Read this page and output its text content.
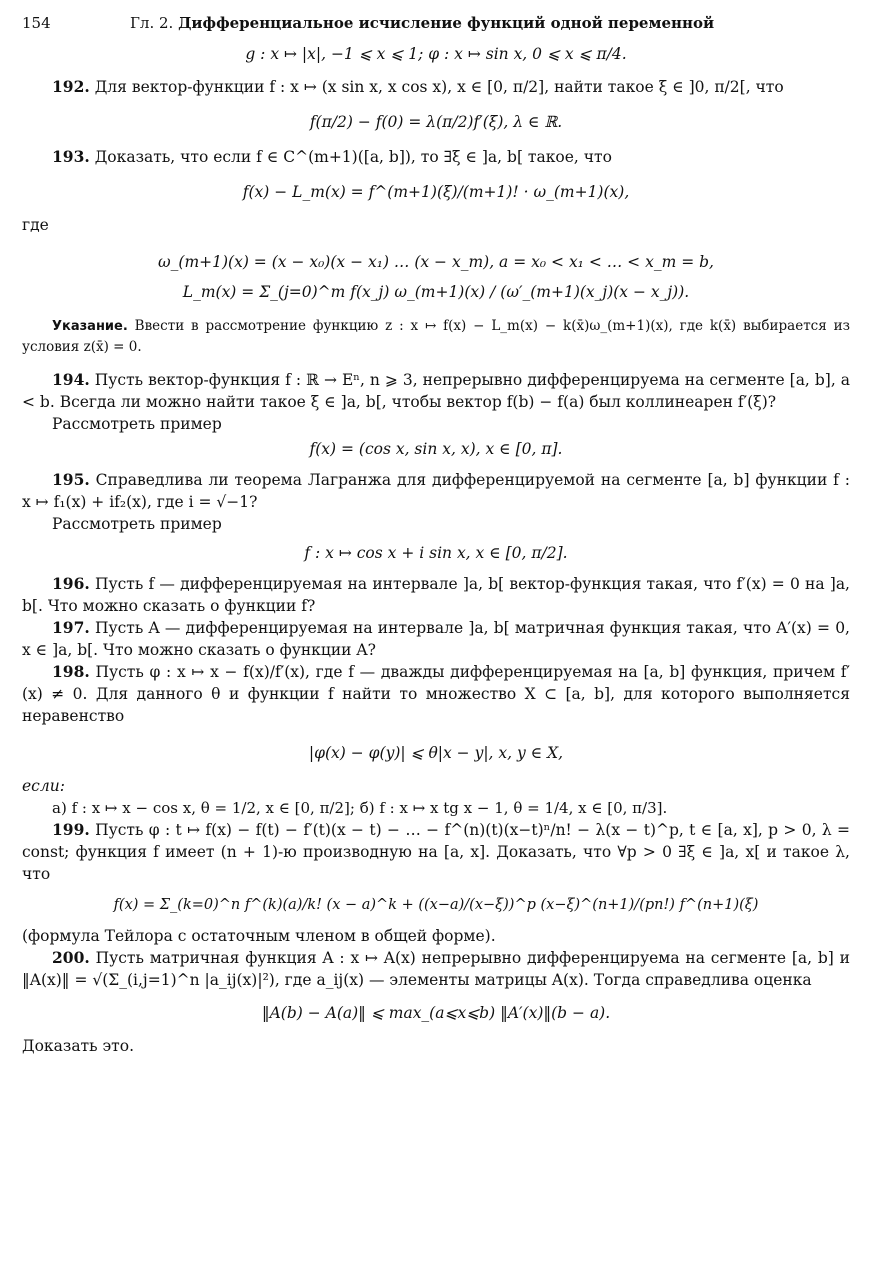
154	Гл. 2. Дифференциальное исчисление функций одной переменной

g : x ↦ |x|, −1 ⩽ x ⩽ 1; φ : x ↦ sin x, 0 ⩽ x ⩽ π/4.

192. Для вектор-функции f : x ↦ (x sin x, x cos x), x ∈ [0, π/2], найти такое ξ ∈ ]0, π/2[, что

f(π/2) − f(0) = λ(π/2)f′(ξ), λ ∈ ℝ.

193. Доказать, что если f ∈ C^(m+1)([a, b]), то ∃ξ ∈ ]a, b[ такое, что

f(x) − L_m(x) = f^(m+1)(ξ)/(m+1)! · ω_(m+1)(x),

где

ω_(m+1)(x) = (x − x₀)(x − x₁) … (x − x_m), a = x₀ < x₁ < … < x_m = b,

L_m(x) = Σ_(j=0)^m f(x_j) ω_(m+1)(x) / (ω′_(m+1)(x_j)(x − x_j)).

Указание. Ввести в рассмотрение функцию z : x ↦ f(x) − L_m(x) − k(x̄)ω_(m+1)(x), где k(x̄) выбирается из условия z(x̄) = 0.

194. Пусть вектор-функция f : ℝ → Eⁿ, n ⩾ 3, непрерывно дифференцируема на сегменте [a, b], a < b. Всегда ли можно найти такое ξ ∈ ]a, b[, чтобы вектор f(b) − f(a) был коллинеарен f′(ξ)?

Рассмотреть пример

f(x) = (cos x, sin x, x), x ∈ [0, π].

195. Справедлива ли теорема Лагранжа для дифференцируемой на сегменте [a, b] функции f : x ↦ f₁(x) + if₂(x), где i = √−1?

Рассмотреть пример

f : x ↦ cos x + i sin x, x ∈ [0, π/2].

196. Пусть f — дифференцируемая на интервале ]a, b[ вектор-функция такая, что f′(x) = 0 на ]a, b[. Что можно сказать о функции f?

197. Пусть A — дифференцируемая на интервале ]a, b[ матричная функция такая, что A′(x) = 0, x ∈ ]a, b[. Что можно сказать о функции A?

198. Пусть φ : x ↦ x − f(x)/f′(x), где f — дважды дифференцируемая на [a, b] функция, причем f′(x) ≠ 0. Для данного θ и функции f найти то множество X ⊂ [a, b], для которого выполняется неравенство

|φ(x) − φ(y)| ⩽ θ|x − y|, x, y ∈ X,

если:

а) f : x ↦ x − cos x, θ = 1/2, x ∈ [0, π/2]; б) f : x ↦ x tg x − 1, θ = 1/4, x ∈ [0, π/3].

199. Пусть φ : t ↦ f(x) − f(t) − f′(t)(x − t) − … − f^(n)(t)(x−t)ⁿ/n! − λ(x − t)^p, t ∈ [a, x], p > 0, λ = const; функция f имеет (n + 1)-ю производную на [a, x]. Доказать, что ∀p > 0 ∃ξ ∈ ]a, x[ и такое λ, что

f(x) = Σ_(k=0)^n f^(k)(a)/k! (x − a)^k + ((x−a)/(x−ξ))^p (x−ξ)^(n+1)/(pn!) f^(n+1)(ξ)

(формула Тейлора с остаточным членом в общей форме).

200. Пусть матричная функция A : x ↦ A(x) непрерывно дифференцируема на сегменте [a, b] и ‖A(x)‖ = √(Σ_(i,j=1)^n |a_ij(x)|²), где a_ij(x) — элементы матрицы A(x). Тогда справедлива оценка

‖A(b) − A(a)‖ ⩽ max_(a⩽x⩽b) ‖A′(x)‖(b − a).

Доказать это.
